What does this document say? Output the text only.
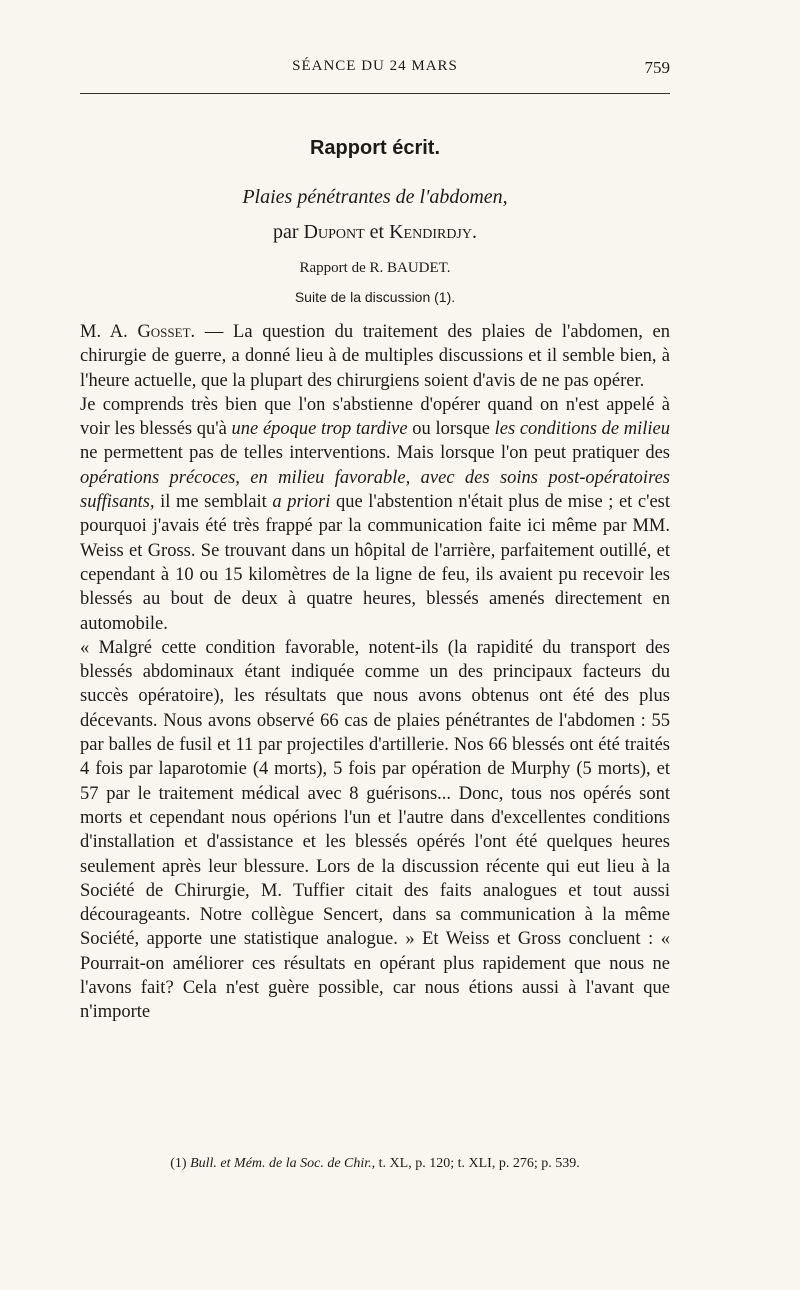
SÉANCE DU 24 MARS	759
Rapport écrit.
Plaies pénétrantes de l'abdomen,
par Dupont et Kendirdjy.
Rapport de R. BAUDET.
Suite de la discussion (1).

M. A. Gosset. — La question du traitement des plaies de l'abdomen, en chirurgie de guerre, a donné lieu à de multiples discussions et il semble bien, à l'heure actuelle, que la plupart des chirurgiens soient d'avis de ne pas opérer.

Je comprends très bien que l'on s'abstienne d'opérer quand on n'est appelé à voir les blessés qu'à une époque trop tardive ou lorsque les conditions de milieu ne permettent pas de telles interventions. Mais lorsque l'on peut pratiquer des opérations précoces, en milieu favorable, avec des soins post-opératoires suffisants, il me semblait a priori que l'abstention n'était plus de mise ; et c'est pourquoi j'avais été très frappé par la communication faite ici même par MM. Weiss et Gross. Se trouvant dans un hôpital de l'arrière, parfaitement outillé, et cependant à 10 ou 15 kilomètres de la ligne de feu, ils avaient pu recevoir les blessés au bout de deux à quatre heures, blessés amenés directement en automobile.

« Malgré cette condition favorable, notent-ils (la rapidité du transport des blessés abdominaux étant indiquée comme un des principaux facteurs du succès opératoire), les résultats que nous avons obtenus ont été des plus décevants. Nous avons observé 66 cas de plaies pénétrantes de l'abdomen : 55 par balles de fusil et 11 par projectiles d'artillerie. Nos 66 blessés ont été traités 4 fois par laparotomie (4 morts), 5 fois par opération de Murphy (5 morts), et 57 par le traitement médical avec 8 guérisons... Donc, tous nos opérés sont morts et cependant nous opérions l'un et l'autre dans d'excellentes conditions d'installation et d'assistance et les blessés opérés l'ont été quelques heures seulement après leur blessure. Lors de la discussion récente qui eut lieu à la Société de Chirurgie, M. Tuffier citait des faits analogues et tout aussi décourageants. Notre collègue Sencert, dans sa communication à la même Société, apporte une statistique analogue. » Et Weiss et Gross concluent : « Pourrait-on améliorer ces résultats en opérant plus rapidement que nous ne l'avons fait? Cela n'est guère possible, car nous étions aussi à l'avant que n'importe

(1) Bull. et Mém. de la Soc. de Chir., t. XL, p. 120; t. XLI, p. 276; p. 539.
